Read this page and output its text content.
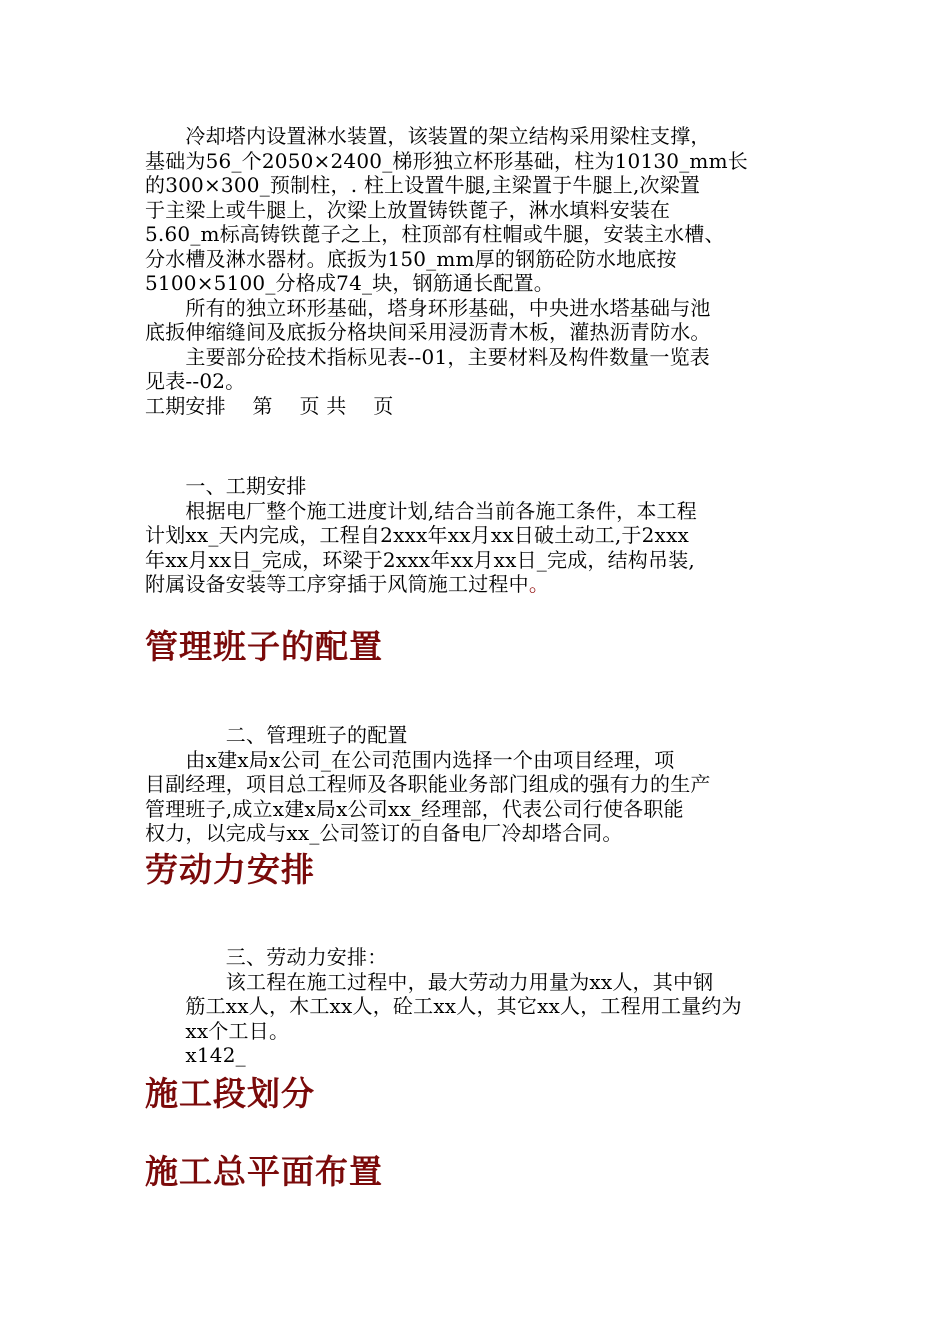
　　冷却塔内设置淋水装置，该装置的架立结构采用梁柱支撑，
基础为56_个2050×2400_梯形独立杯形基础，柱为10130_mm长
的300×300_预制柱，. 柱上设置牛腿,主梁置于牛腿上,次梁置
于主梁上或牛腿上，次梁上放置铸铁蓖子，淋水填料安装在
5.60_m标高铸铁蓖子之上，柱顶部有柱帽或牛腿，安装主水槽、
分水槽及淋水器材。底扳为150_mm厚的钢筋砼防水地底按
5100×5100_分格成74_块，钢筋通长配置。
　　所有的独立环形基础，塔身环形基础，中央进水塔基础与池
底扳伸缩缝间及底扳分格块间采用浸沥青木板，灌热沥青防水。
　　主要部分砼技术指标见表--01，主要材料及构件数量一览表
见表--02。
工期安排　 第　 页 共　 页
　　一、工期安排
　　根据电厂整个施工进度计划,结合当前各施工条件，本工程
计划xx_天内完成，工程自2xxx年xx月xx日破土动工,于2xxx
年xx月xx日_完成，环梁于2xxx年xx月xx日_完成，结构吊装,
附属设备安装等工序穿插于风筒施工过程中。
管理班子的配置
　　　　二、管理班子的配置
　　由x建x局x公司_在公司范围内选择一个由项目经理，项
目副经理，项目总工程师及各职能业务部门组成的强有力的生产
管理班子,成立x建x局x公司xx_经理部，代表公司行使各职能
权力，以完成与xx_公司签订的自备电厂冷却塔合同。
劳动力安排
　　　　三、劳动力安排：
　　　　该工程在施工过程中，最大劳动力用量为xx人，其中钢
　　筋工xx人，木工xx人，砼工xx人，其它xx人，工程用工量约为
　　xx个工日。
　　x142_
施工段划分
施工总平面布置
